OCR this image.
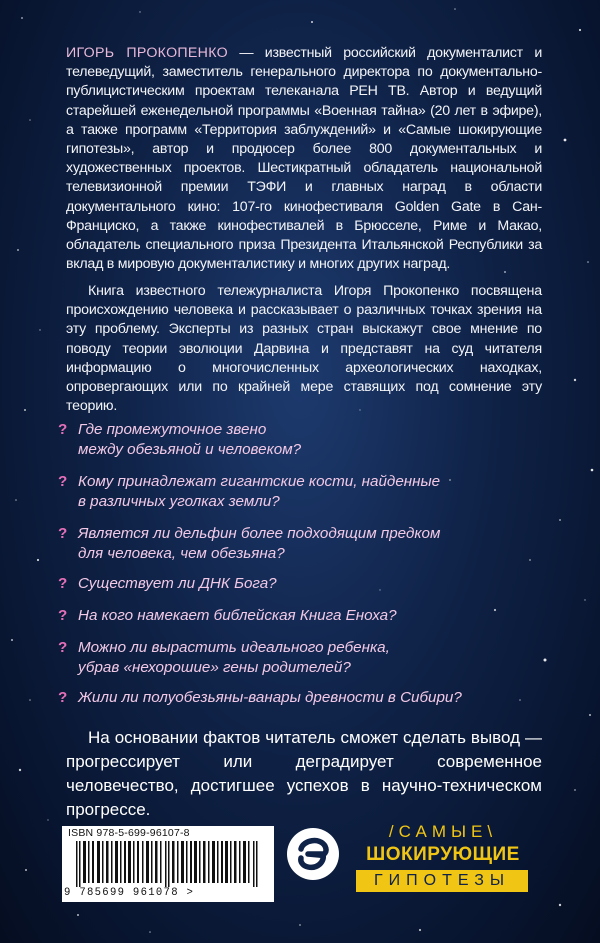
ИГОРЬ ПРОКОПЕНКО — известный российский документалист и телеведущий, заместитель генерального директора по документально-публицистическим проектам телеканала РЕН ТВ. Автор и ведущий старейшей еженедельной программы «Военная тайна» (20 лет в эфире), а также программ «Территория заблуждений» и «Самые шокирующие гипотезы», автор и продюсер более 800 документальных и художественных проектов. Шестикратный обладатель национальной телевизионной премии ТЭФИ и главных наград в области документального кино: 107-го кинофестиваля Golden Gate в Сан-Франциско, а также кинофестивалей в Брюсселе, Риме и Макао, обладатель специального приза Президента Итальянской Республики за вклад в мировую документалистику и многих других наград.
Книга известного тележурналиста Игоря Прокопенко посвящена происхождению человека и рассказывает о различных точках зрения на эту проблему. Эксперты из разных стран выскажут свое мнение по поводу теории эволюции Дарвина и представят на суд читателя информацию о многочисленных археологических находках, опровергающих или по крайней мере ставящих под сомнение эту теорию.

? Где промежуточное звено
между обезьяной и человеком?

? Кому принадлежат гигантские кости, найденные
в различных уголках земли?

? Является ли дельфин более подходящим предком
для человека, чем обезьяна?

? Существует ли ДНК Бога?

? На кого намекает библейская Книга Еноха?

? Можно ли вырастить идеального ребенка,
убрав «нехорошие» гены родителей?

? Жили ли полуобезьяны-ванары древности в Сибири?

На основании фактов читатель сможет сделать вывод — прогрессирует или деградирует современное человечество, достигшее успехов в научно-техническом прогрессе.
ISBN 978-5-699-96107-8
9 785699 961078 >
/САМЫЕ\
ШОКИРУЮЩИЕ
ГИПОТЕЗЫ
